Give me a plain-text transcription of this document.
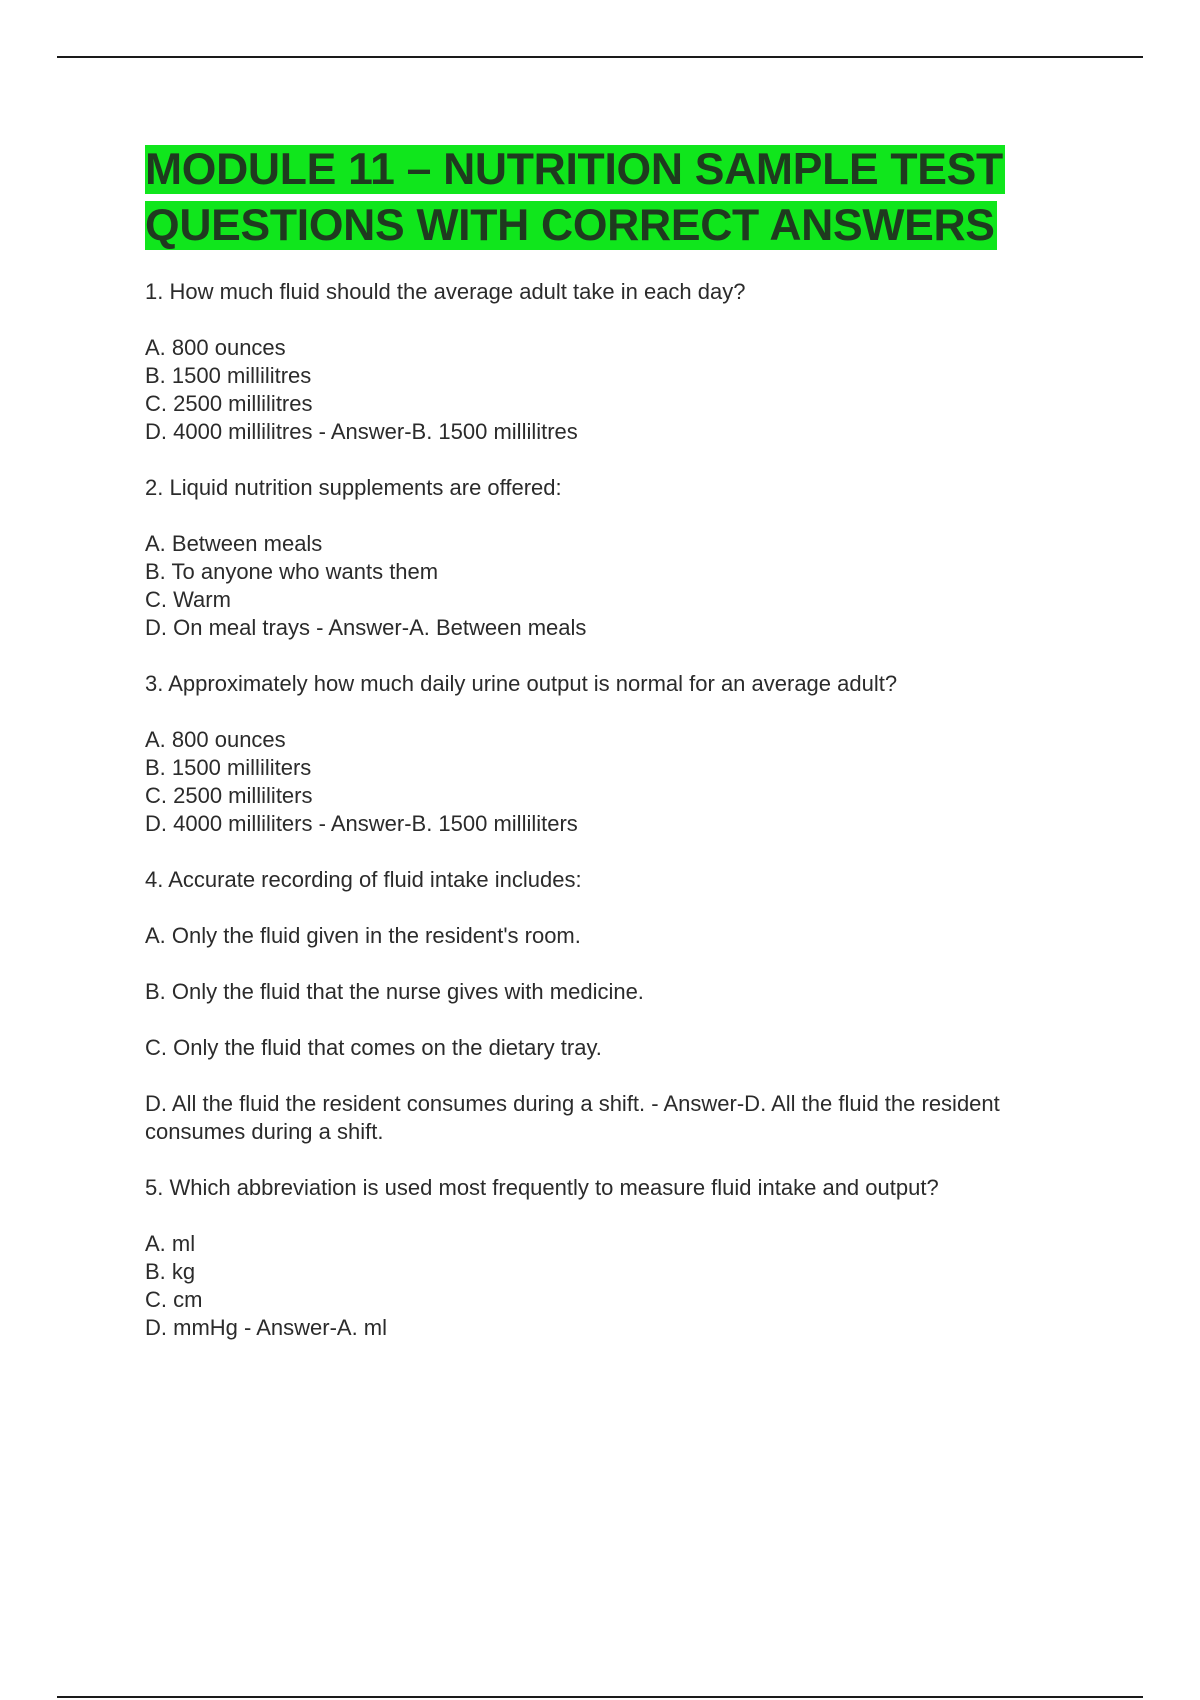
MODULE 11 – NUTRITION SAMPLE TEST QUESTIONS WITH CORRECT ANSWERS

1. How much fluid should the average adult take in each day?

A. 800 ounces

B. 1500 millilitres

C. 2500 millilitres

D. 4000 millilitres - Answer-B. 1500 millilitres

2. Liquid nutrition supplements are offered:

A. Between meals

B. To anyone who wants them

C. Warm

D. On meal trays - Answer-A. Between meals

3. Approximately how much daily urine output is normal for an average adult?

A. 800 ounces

B. 1500 milliliters

C. 2500 milliliters

D. 4000 milliliters - Answer-B. 1500 milliliters

4. Accurate recording of fluid intake includes:

A. Only the fluid given in the resident's room.

B. Only the fluid that the nurse gives with medicine.

C. Only the fluid that comes on the dietary tray.

D. All the fluid the resident consumes during a shift. - Answer-D. All the fluid the resident consumes during a shift.

5. Which abbreviation is used most frequently to measure fluid intake and output?

A. ml

B. kg

C. cm

D. mmHg - Answer-A. ml
